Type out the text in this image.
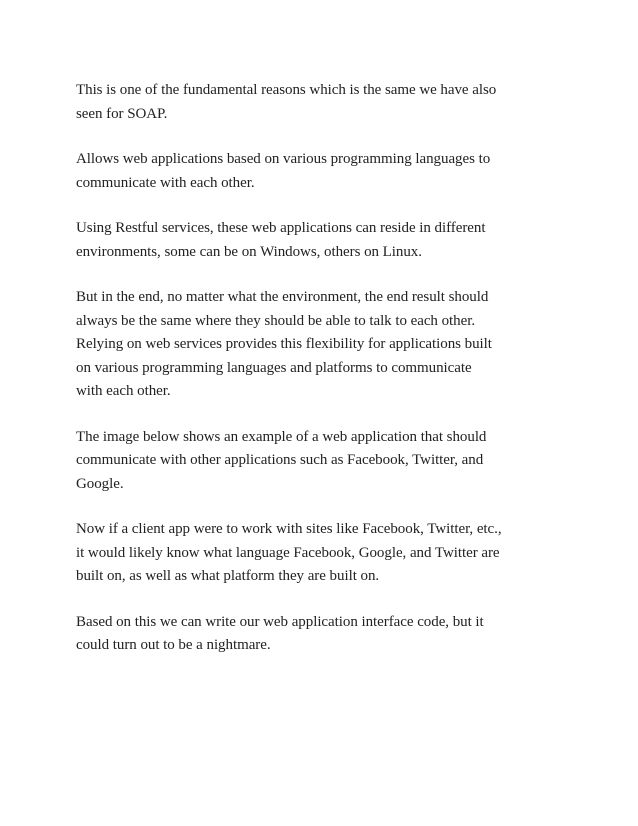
This is one of the fundamental reasons which is the same we have also
seen for SOAP.

Allows web applications based on various programming languages to
communicate with each other.

Using Restful services, these web applications can reside in different
environments, some can be on Windows, others on Linux.

But in the end, no matter what the environment, the end result should
always be the same where they should be able to talk to each other.
Relying on web services provides this flexibility for applications built
on various programming languages and platforms to communicate
with each other.

The image below shows an example of a web application that should
communicate with other applications such as Facebook, Twitter, and
Google.

Now if a client app were to work with sites like Facebook, Twitter, etc.,
it would likely know what language Facebook, Google, and Twitter are
built on, as well as what platform they are built on.

Based on this we can write our web application interface code, but it
could turn out to be a nightmare.
